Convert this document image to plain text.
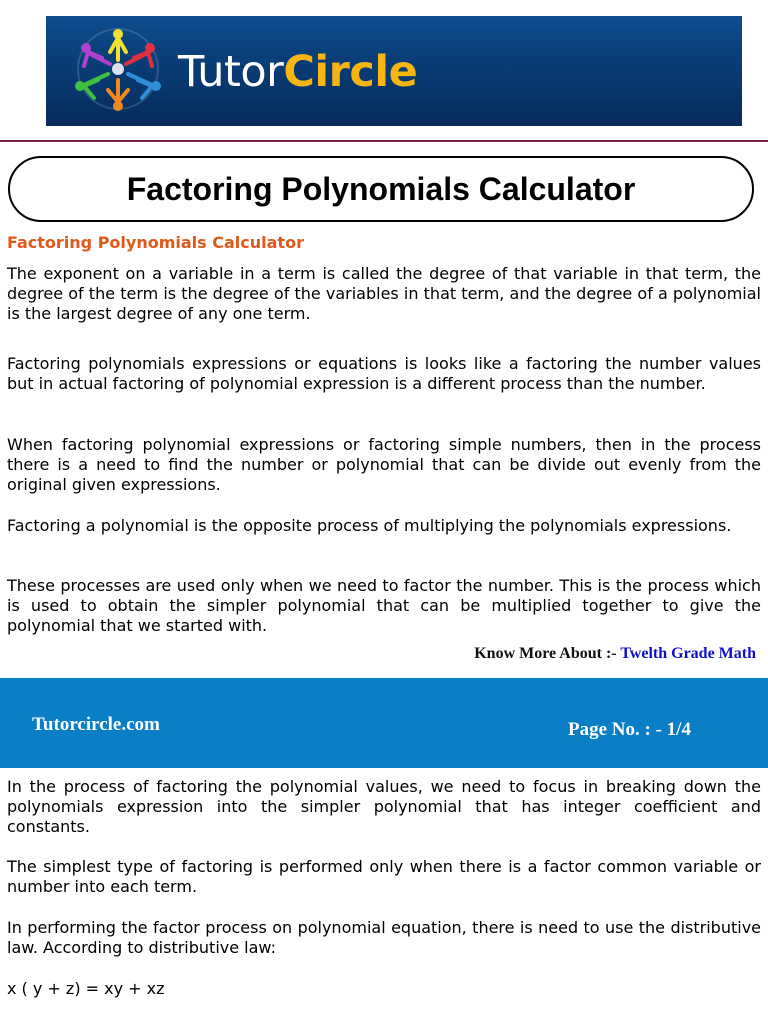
TutorCircle
Factoring Polynomials Calculator

Factoring Polynomials Calculator

The exponent on a variable in a term is called the degree of that variable in that term, the degree of the term is the degree of the variables in that term, and the degree of a polynomial is the largest degree of any one term.

Factoring polynomials expressions or equations is looks like a factoring the number values but in actual factoring of polynomial expression is a different process than the number.

When factoring polynomial expressions or factoring simple numbers, then in the process there is a need to find the number or polynomial that can be divide out evenly from the original given expressions.

Factoring a polynomial is the opposite process of multiplying the polynomials expressions.

These processes are used only when we need to factor the number. This is the process which is used to obtain the simpler polynomial that can be multiplied together to give the polynomial that we started with.

Know More About :- Twelth Grade Math

Tutorcircle.com	Page No. : - 1/4

In the process of factoring the polynomial values, we need to focus in breaking down the polynomials expression into the simpler polynomial that has integer coefficient and constants.

The simplest type of factoring is performed only when there is a factor common variable or number into each term.

In performing the factor process on polynomial equation, there is need to use the distributive law. According to distributive law:

x ( y + z) = xy + xz
